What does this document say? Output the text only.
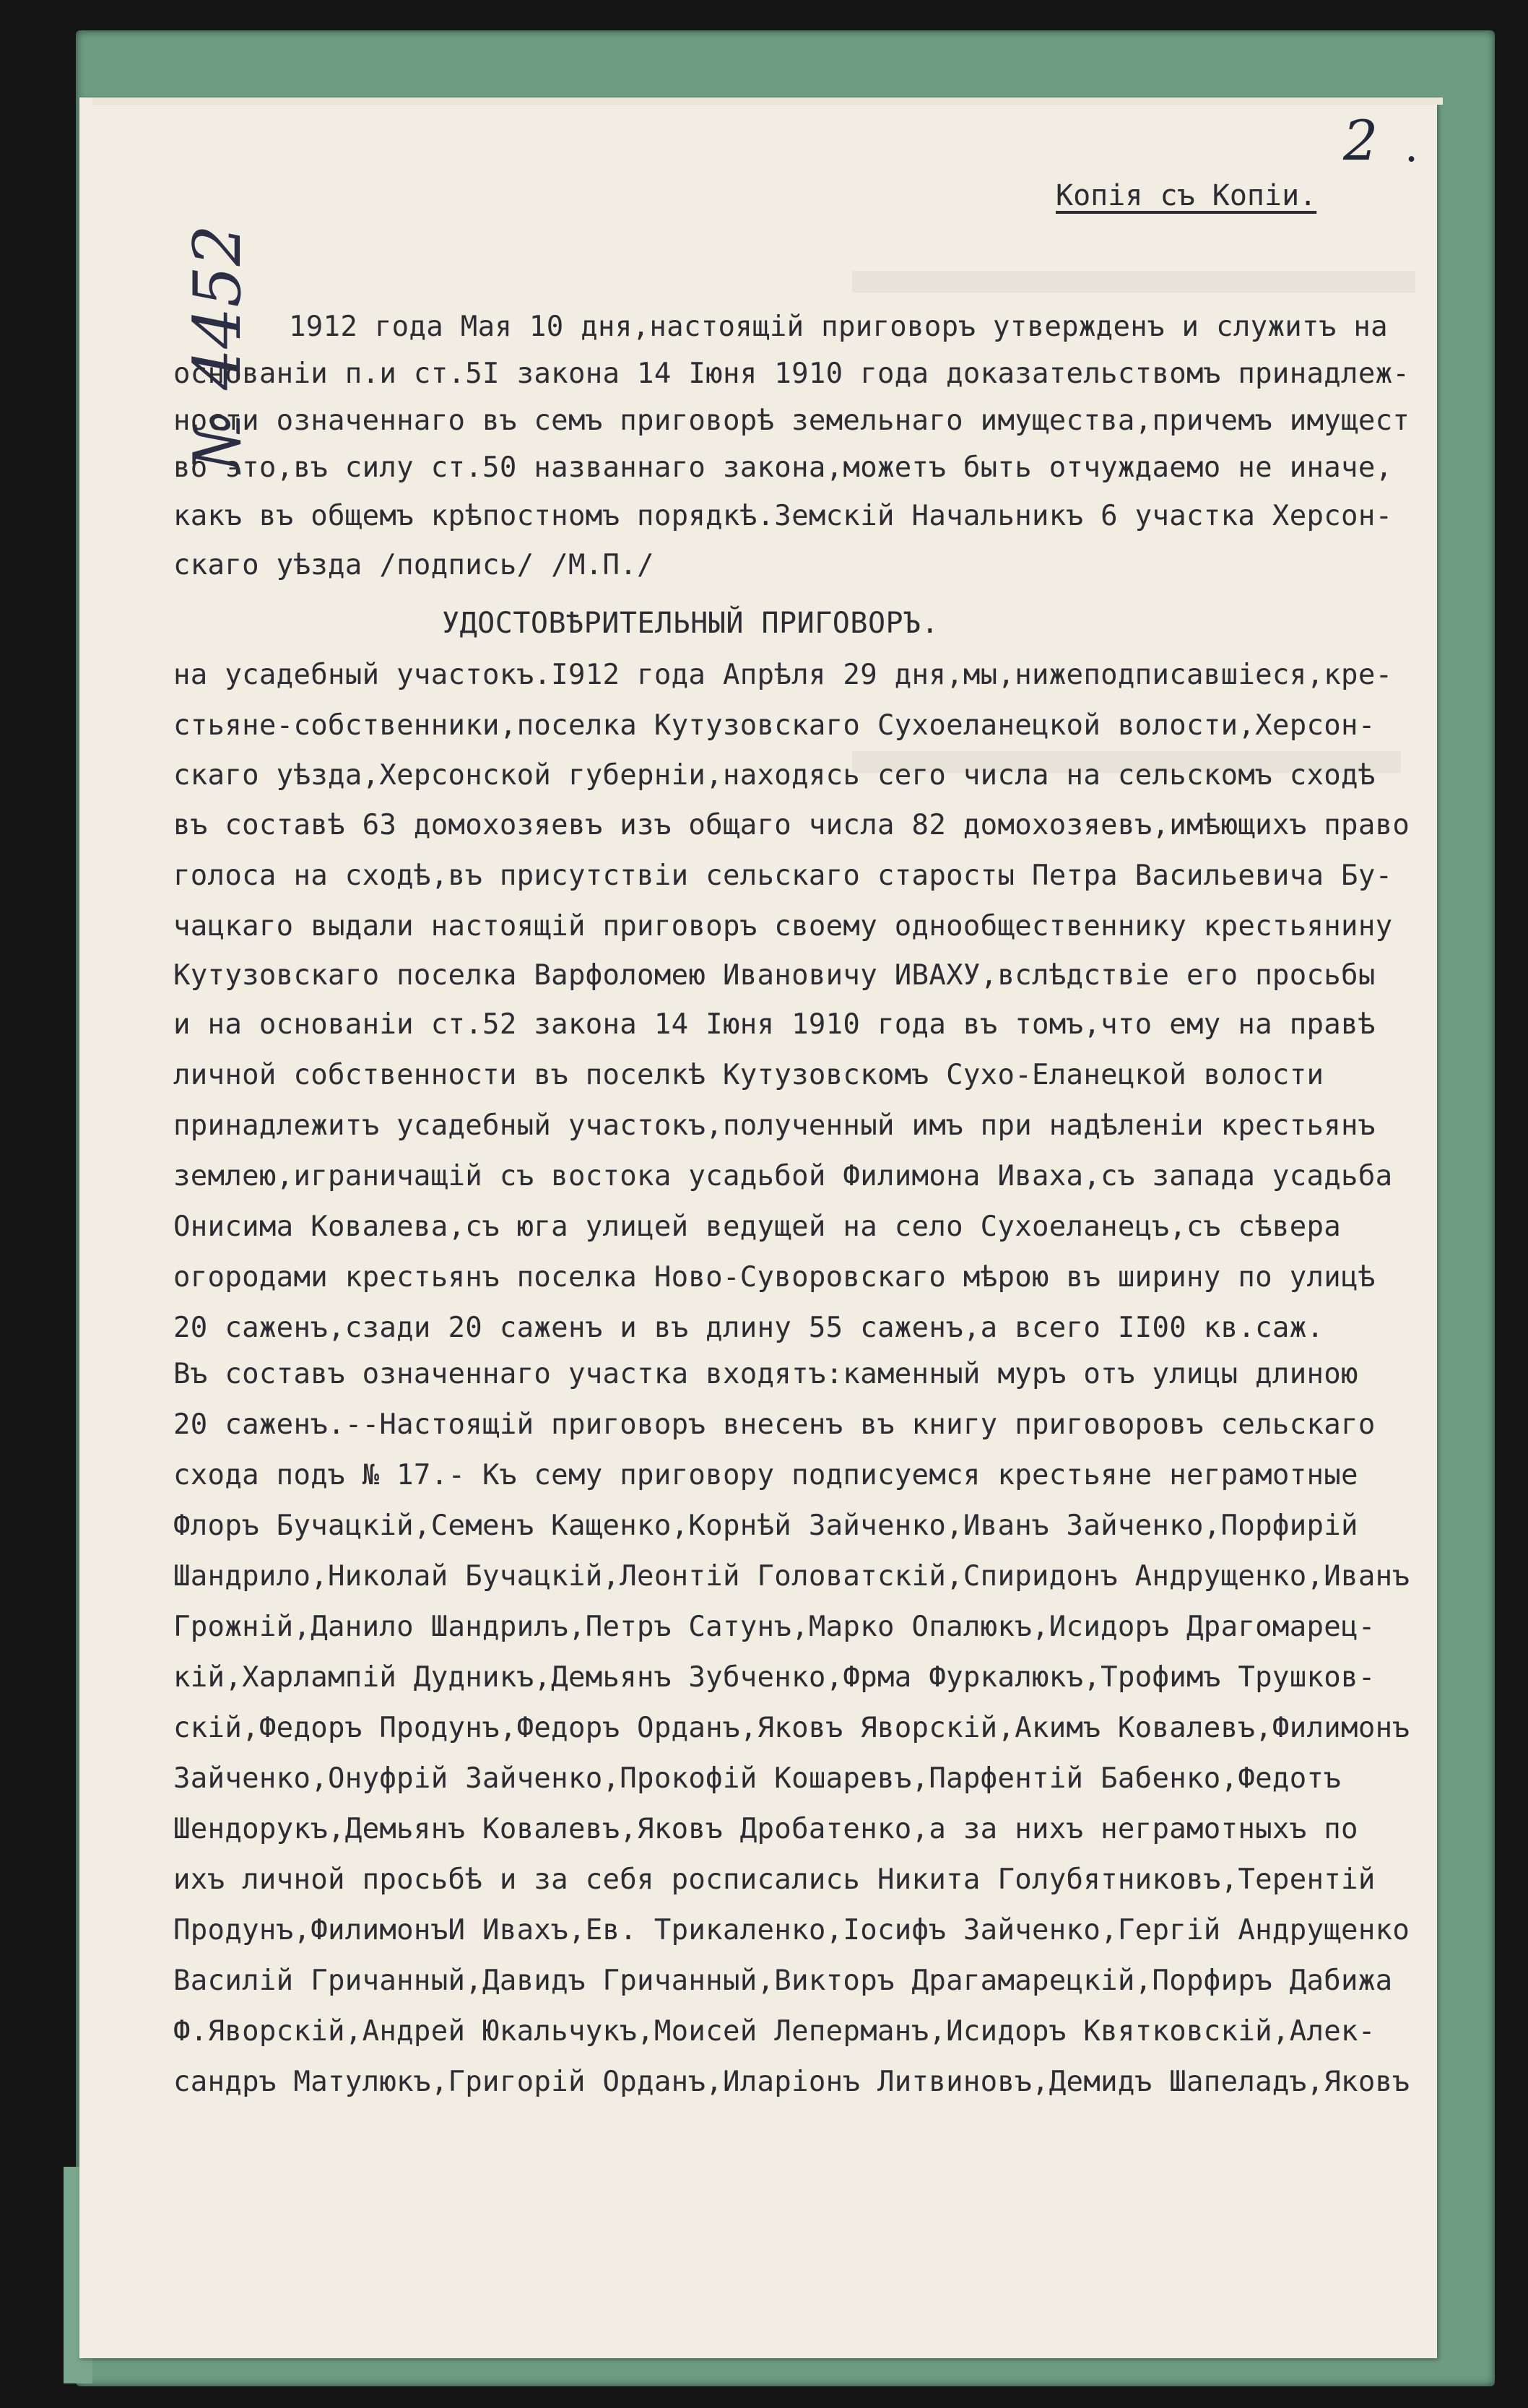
2 .
№ 4452
Копія съ Копіи.
1912 года Мая 10 дня,настоящій приговоръ утвержденъ и служитъ на
основаніи п.и ст.5I закона 14 Іюня 1910 года доказательствомъ принадлеж-
ности означеннаго въ семъ приговорѣ земельнаго имущества,причемъ имущест
во это,въ силу ст.50 названнаго закона,можетъ быть отчуждаемо не иначе,
какъ въ общемъ крѣпостномъ порядкѣ.Земскій Начальникъ 6 участка Херсон-
скаго уѣзда /подпись/ /М.П./
УДОСТОВѢРИТЕЛЬНЫЙ ПРИГОВОРЪ.
на усадебный участокъ.I912 года Апрѣля 29 дня,мы,нижеподписавшіеся,кре-
стьяне-собственники,поселка Кутузовскаго Сухоеланецкой волости,Херсон-
скаго уѣзда,Херсонской губерніи,находясь сего числа на сельскомъ сходѣ
въ составѣ 63 домохозяевъ изъ общаго числа 82 домохозяевъ,имѣющихъ право
голоса на сходѣ,въ присутствіи сельскаго старосты Петра Васильевича Бу-
чацкаго выдали настоящій приговоръ своему однообщественнику крестьянину
Кутузовскаго поселка Варфоломею Ивановичу ИВАХУ,вслѣдствіе его просьбы
и на основаніи ст.52 закона 14 Іюня 1910 года въ томъ,что ему на правѣ
личной собственности въ поселкѣ Кутузовскомъ Сухо-Еланецкой волости
принадлежитъ усадебный участокъ,полученный имъ при надѣленіи крестьянъ
землею,играничащій съ востока усадьбой Филимона Иваха,съ запада усадьба
Онисима Ковалева,съ юга улицей ведущей на село Сухоеланецъ,съ сѣвера
огородами крестьянъ поселка Ново-Суворовскаго мѣрою въ ширину по улицѣ
20 саженъ,сзади 20 саженъ и въ длину 55 саженъ,а всего II00 кв.саж.
Въ составъ означеннаго участка входятъ:каменный муръ отъ улицы длиною
20 саженъ.--Настоящій приговоръ внесенъ въ книгу приговоровъ сельскаго
схода подъ № 17.- Къ сему приговору подписуемся крестьяне неграмотные
Флоръ Бучацкій,Семенъ Кащенко,Корнѣй Зайченко,Иванъ Зайченко,Порфирій
Шандрило,Николай Бучацкій,Леонтій Головатскій,Спиридонъ Андрущенко,Иванъ
Грожній,Данило Шандрилъ,Петръ Сатунъ,Марко Опалюкъ,Исидоръ Драгомарец-
кій,Харлампій Дудникъ,Демьянъ Зубченко,Фрма Фуркалюкъ,Трофимъ Трушков-
скій,Федоръ Продунъ,Федоръ Орданъ,Яковъ Яворскій,Акимъ Ковалевъ,Филимонъ
Зайченко,Онуфрій Зайченко,Прокофій Кошаревъ,Парфентій Бабенко,Федотъ
Шендорукъ,Демьянъ Ковалевъ,Яковъ Дробатенко,а за нихъ неграмотныхъ по
ихъ личной просьбѣ и за себя росписались Никита Голубятниковъ,Терентій
Продунъ,ФилимонъИ Ивахъ,Ев. Трикаленко,Іосифъ Зайченко,Гергій Андрущенко
Василій Гричанный,Давидъ Гричанный,Викторъ Драгамарецкій,Порфиръ Дабижа
Ф.Яворскій,Андрей Юкальчукъ,Моисей Леперманъ,Исидоръ Квятковскій,Алек-
сандръ Матулюкъ,Григорій Орданъ,Иларіонъ Литвиновъ,Демидъ Шапеладъ,Яковъ
